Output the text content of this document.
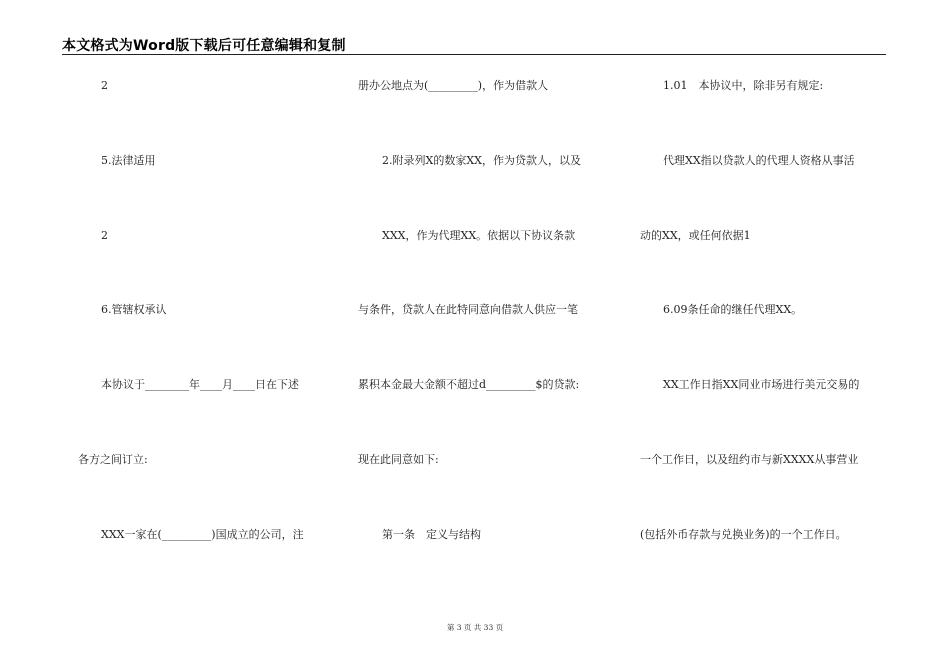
本文格式为Word版下载后可任意编辑和复制
2
5.法律适用
2
6.管辖权承认
本协议于________年____月____日在下述
各方之间订立:
XXX一家在(_________)国成立的公司，注
册办公地点为(_________)，作为借款人
2.附录列X的数家XX，作为贷款人，以及
XXX，作为代理XX。依据以下协议条款
与条件，贷款人在此特同意向借款人供应一笔
累积本金最大金额不超过d_________$的贷款:
现在此同意如下:
第一条　定义与结构
1.01　本协议中，除非另有规定:
代理XX指以贷款人的代理人资格从事活
动的XX，或任何依据1
6.09条任命的继任代理XX。
XX工作日指XX同业市场进行美元交易的
一个工作日，以及纽约市与新XXXX从事营业
(包括外币存款与兑换业务)的一个工作日。
第 3 页 共 33 页
